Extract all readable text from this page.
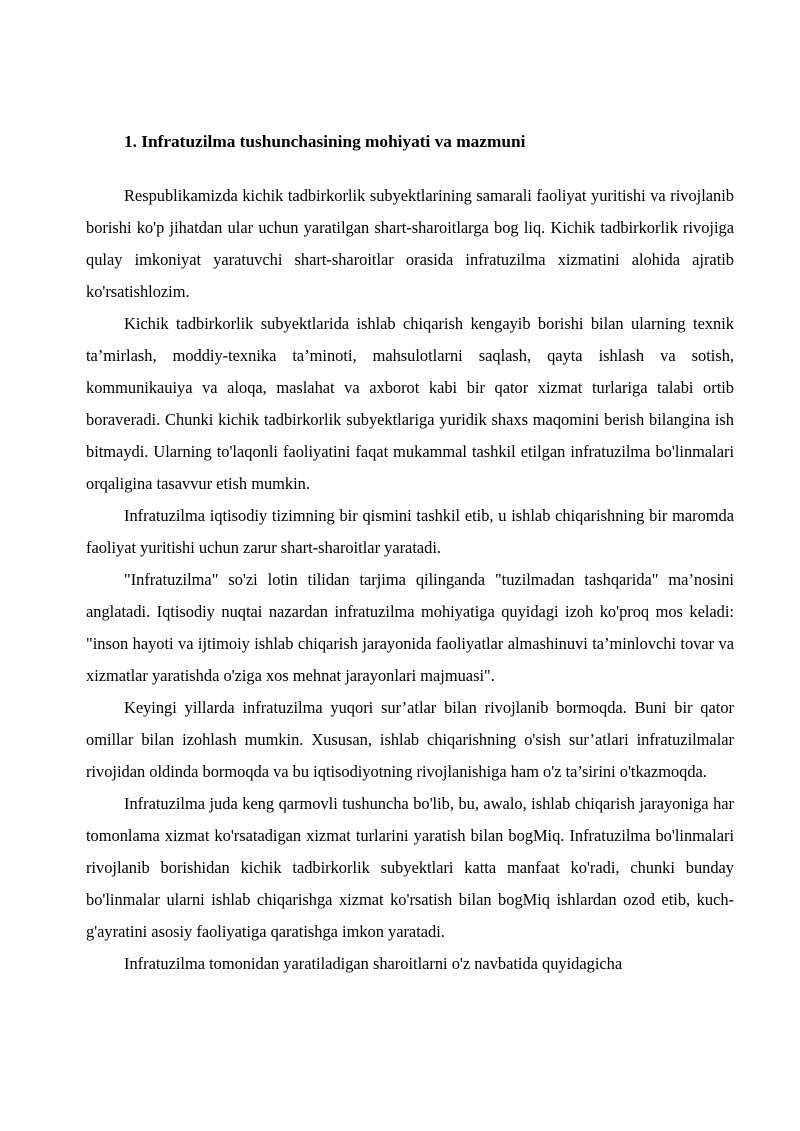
1. Infratuzilma tushunchasining mohiyati va mazmuni

Respublikamizda kichik tadbirkorlik subyektlarining samarali faoliyat yuritishi va rivojlanib borishi ko'p jihatdan ular uchun yaratilgan shart-sharoitlarga bog liq. Kichik tadbirkorlik rivojiga qulay imkoniyat yaratuvchi shart-sharoitlar orasida infratuzilma xizmatini alohida ajratib ko'rsatishlozim.

Kichik tadbirkorlik subyektlarida ishlab chiqarish kengayib borishi bilan ularning texnik ta’mirlash, moddiy-texnika ta’minoti, mahsulotlarni saqlash, qayta ishlash va sotish, kommunikauiya va aloqa, maslahat va axborot kabi bir qator xizmat turlariga talabi ortib boraveradi. Chunki kichik tadbirkorlik subyektlariga yuridik shaxs maqomini berish bilangina ish bitmaydi. Ularning to'laqonli faoliyatini faqat mukammal tashkil etilgan infratuzilma bo'linmalari orqaligina tasavvur etish mumkin.

Infratuzilma iqtisodiy tizimning bir qismini tashkil etib, u ishlab chiqarishning bir maromda faoliyat yuritishi uchun zarur shart-sharoitlar yaratadi.

"Infratuzilma" so'zi lotin tilidan tarjima qilinganda "tuzilmadan tashqarida" ma’nosini anglatadi. Iqtisodiy nuqtai nazardan infratuzilma mohiyatiga quyidagi izoh ko'proq mos keladi: "inson hayoti va ijtimoiy ishlab chiqarish jarayonida faoliyatlar almashinuvi ta’minlovchi tovar va xizmatlar yaratishda o'ziga xos mehnat jarayonlari majmuasi".

Keyingi yillarda infratuzilma yuqori sur’atlar bilan rivojlanib bormoqda. Buni bir qator omillar bilan izohlash mumkin. Xususan, ishlab chiqarishning o'sish sur’atlari infratuzilmalar rivojidan oldinda bormoqda va bu iqtisodiyotning rivojlanishiga ham o'z ta’sirini o'tkazmoqda.

Infratuzilma juda keng qarmovli tushuncha bo'lib, bu, awalo, ishlab chiqarish jarayoniga har tomonlama xizmat ko'rsatadigan xizmat turlarini yaratish bilan bogMiq. Infratuzilma bo'linmalari rivojlanib borishidan kichik tadbirkorlik subyektlari katta manfaat ko'radi, chunki bunday bo'linmalar ularni ishlab chiqarishga xizmat ko'rsatish bilan bogMiq ishlardan ozod etib, kuch-g'ayratini asosiy faoliyatiga qaratishga imkon yaratadi.

Infratuzilma tomonidan yaratiladigan sharoitlarni o'z navbatida quyidagicha
